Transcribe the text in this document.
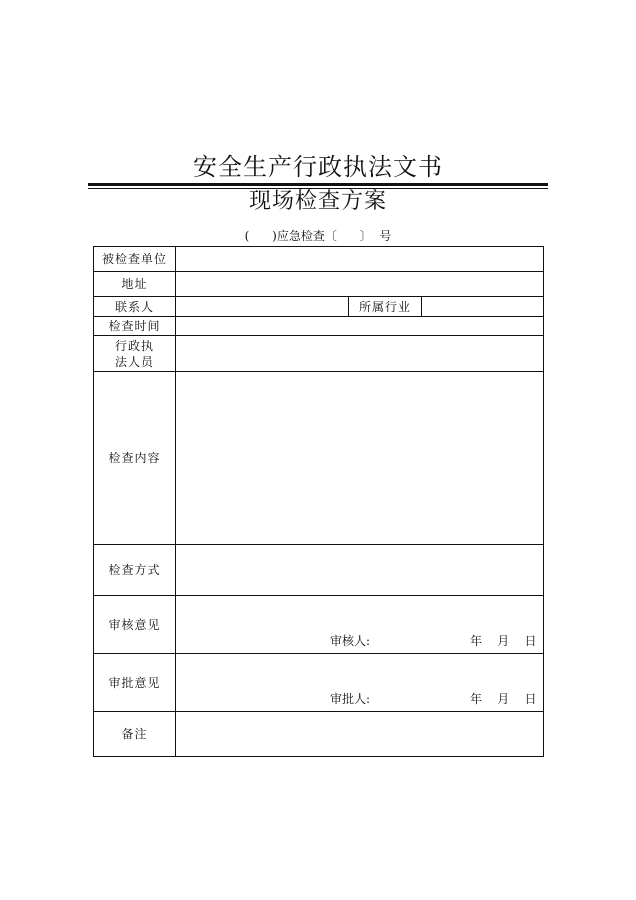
安全生产行政执法文书
现场检查方案
(      )应急检查〔      〕  号
被检查单位
地址
联系人	所属行业
检查时间
行政执法人员
检查内容
检查方式
审核意见
审核人:	年    月    日
审批意见
审批人:	年    月    日
备注
